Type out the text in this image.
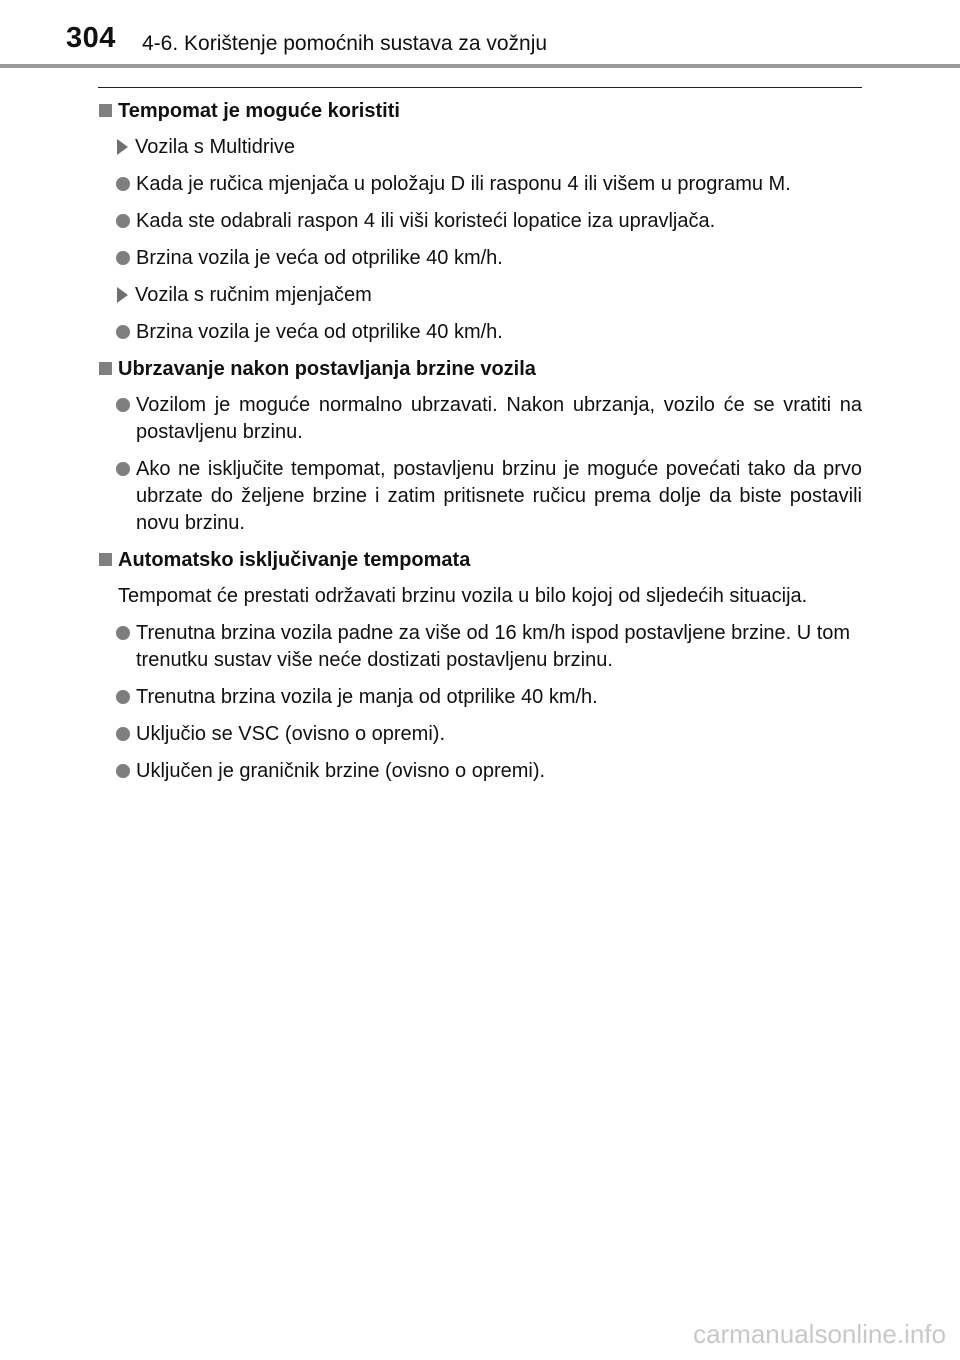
304 4-6. Korištenje pomoćnih sustava za vožnju
Tempomat je moguće koristiti
Vozila s Multidrive
Kada je ručica mjenjača u položaju D ili rasponu 4 ili višem u programu M.
Kada ste odabrali raspon 4 ili viši koristeći lopatice iza upravljača.
Brzina vozila je veća od otprilike 40 km/h.
Vozila s ručnim mjenjačem
Brzina vozila je veća od otprilike 40 km/h.
Ubrzavanje nakon postavljanja brzine vozila
Vozilom je moguće normalno ubrzavati. Nakon ubrzanja, vozilo će se vratiti na postavljenu brzinu.
Ako ne isključite tempomat, postavljenu brzinu je moguće povećati tako da prvo ubrzate do željene brzine i zatim pritisnete ručicu prema dolje da biste postavili novu brzinu.
Automatsko isključivanje tempomata
Tempomat će prestati održavati brzinu vozila u bilo kojoj od sljedećih situacija.
Trenutna brzina vozila padne za više od 16 km/h ispod postavljene brzine. U tom trenutku sustav više neće dostizati postavljenu brzinu.
Trenutna brzina vozila je manja od otprilike 40 km/h.
Uključio se VSC (ovisno o opremi).
Uključen je graničnik brzine (ovisno o opremi).
carmanualsonline.info
